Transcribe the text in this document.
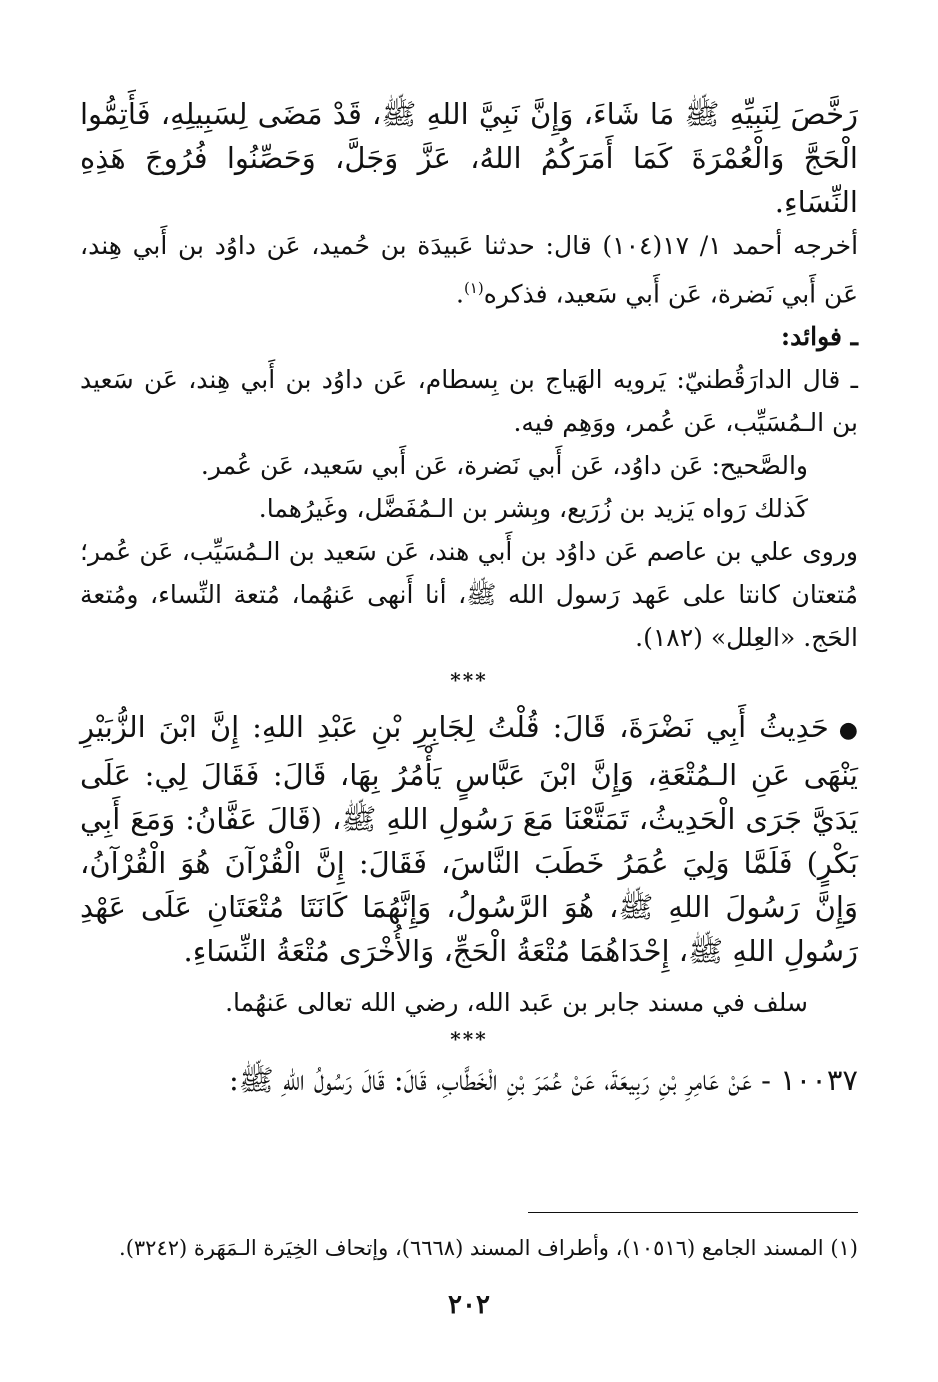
رَخَّصَ لِنَبِيِّهِ ﷺ مَا شَاءَ، وَإِنَّ نَبِيَّ اللهِ ﷺ، قَدْ مَضَى لِسَبِيلِهِ، فَأَتِمُّوا الْحَجَّ وَالْعُمْرَةَ كَمَا أَمَرَكُمُ اللهُ، عَزَّ وَجَلَّ، وَحَصِّنُوا فُرُوجَ هَذِهِ النِّسَاءِ.

أخرجه أحمد ١/ ١٧(١٠٤) قال: حدثنا عَبيدَة بن حُميد، عَن داوُد بن أَبي هِند، عَن أَبي نَضرة، عَن أَبي سَعيد، فذكره$^{(١)}$.

ـ فوائد:

ـ قال الدارَقُطنيّ: يَرويه الهَياج بن بِسطام، عَن داوُد بن أَبي هِند، عَن سَعيد بن الـمُسَيِّب، عَن عُمر، ووَهِم فيه.

والصَّحيح: عَن داوُد، عَن أَبي نَضرة، عَن أَبي سَعيد، عَن عُمر.

كَذلك رَواه يَزيد بن زُرَيع، وبِشر بن الـمُفَضَّل، وغَيرُهما.

وروى علي بن عاصم عَن داوُد بن أَبي هند، عَن سَعيد بن الـمُسَيِّب، عَن عُمر؛ مُتعتان كانتا على عَهد رَسول الله ﷺ، أنا أَنهى عَنهُما، مُتعة النِّساء، ومُتعة الحَج. «العِلل» (١٨٢).

***

●حَدِيثُ أَبِي نَضْرَةَ، قَالَ: قُلْتُ لِجَابِرِ بْنِ عَبْدِ اللهِ: إِنَّ ابْنَ الزُّبَيْرِ يَنْهَى عَنِ الـمُتْعَةِ، وَإِنَّ ابْنَ عَبَّاسٍ يَأْمُرُ بِهَا، قَالَ: فَقَالَ لِي: عَلَى يَدَيَّ جَرَى الْحَدِيثُ، تَمَتَّعْنَا مَعَ رَسُولِ اللهِ ﷺ، (قَالَ عَفَّانُ: وَمَعَ أَبِي بَكْرٍ) فَلَمَّا وَلِيَ عُمَرُ خَطَبَ النَّاسَ، فَقَالَ: إِنَّ الْقُرْآنَ هُوَ الْقُرْآنُ، وَإِنَّ رَسُولَ اللهِ ﷺ، هُوَ الرَّسُولُ، وَإِنَّهُمَا كَانَتَا مُتْعَتَانِ عَلَى عَهْدِ رَسُولِ اللهِ ﷺ، إِحْدَاهُمَا مُتْعَةُ الْحَجِّ، وَالأُخْرَى مُتْعَةُ النِّسَاءِ.

سلف في مسند جابر بن عَبد الله، رضي الله تعالى عَنهُما.

***

١٠٠٣٧ - عَنْ عَامِرِ بْنِ رَبِيعَةَ، عَنْ عُمَرَ بْنِ الْخَطَّابِ، قَالَ: قَالَ رَسُولُ اللهِ ﷺ:

(١) المسند الجامع (١٠٥١٦)، وأطراف المسند (٦٦٦٨)، وإتحاف الخِيَرة الـمَهَرة (٣٢٤٢).
٢٠٢
